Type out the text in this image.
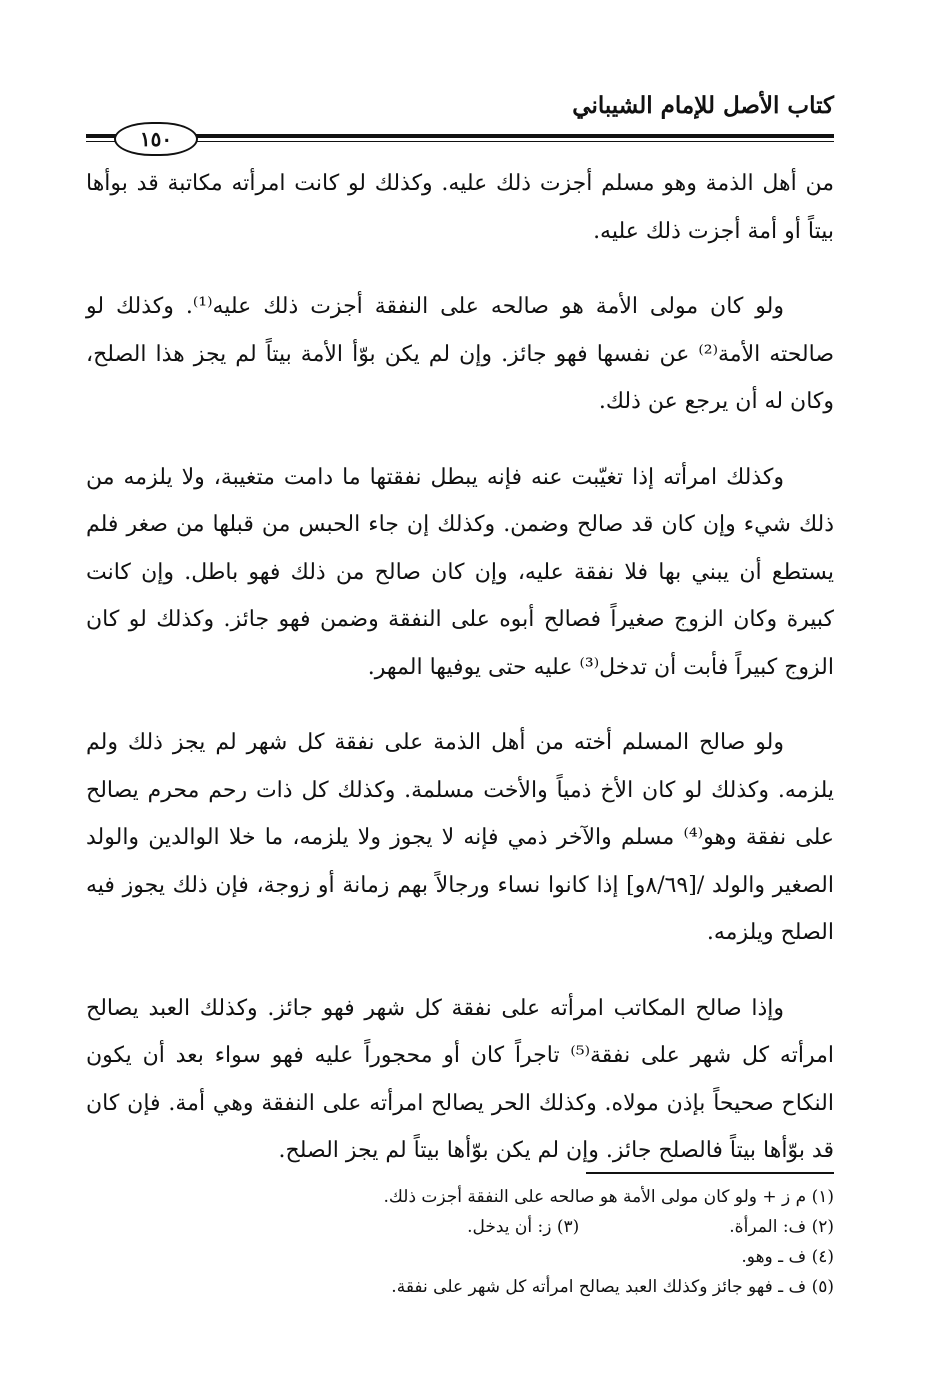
كتاب الأصل للإمام الشيباني
١٥٠

من أهل الذمة وهو مسلم أجزت ذلك عليه. وكذلك لو كانت امرأته مكاتبة قد بوأها بيتاً أو أمة أجزت ذلك عليه.

ولو كان مولى الأمة هو صالحه على النفقة أجزت ذلك عليه⁽¹⁾. وكذلك لو صالحته الأمة⁽²⁾ عن نفسها فهو جائز. وإن لم يكن بوّأ الأمة بيتاً لم يجز هذا الصلح، وكان له أن يرجع عن ذلك.

وكذلك امرأته إذا تغيّبت عنه فإنه يبطل نفقتها ما دامت متغيبة، ولا يلزمه من ذلك شيء وإن كان قد صالح وضمن. وكذلك إن جاء الحبس من قبلها من صغر فلم يستطع أن يبني بها فلا نفقة عليه، وإن كان صالح من ذلك فهو باطل. وإن كانت كبيرة وكان الزوج صغيراً فصالح أبوه على النفقة وضمن فهو جائز. وكذلك لو كان الزوج كبيراً فأبت أن تدخل⁽³⁾ عليه حتى يوفيها المهر.

ولو صالح المسلم أخته من أهل الذمة على نفقة كل شهر لم يجز ذلك ولم يلزمه. وكذلك لو كان الأخ ذمياً والأخت مسلمة. وكذلك كل ذات رحم محرم يصالح على نفقة وهو⁽⁴⁾ مسلم والآخر ذمي فإنه لا يجوز ولا يلزمه، ما خلا الوالدين والولد الصغير والولد /[٨/٦٩و] إذا كانوا نساء ورجالاً بهم زمانة أو زوجة، فإن ذلك يجوز فيه الصلح ويلزمه.

وإذا صالح المكاتب امرأته على نفقة كل شهر فهو جائز. وكذلك العبد يصالح امرأته كل شهر على نفقة⁽⁵⁾ تاجراً كان أو محجوراً عليه فهو سواء بعد أن يكون النكاح صحيحاً بإذن مولاه. وكذلك الحر يصالح امرأته على النفقة وهي أمة. فإن كان قد بوّأها بيتاً فالصلح جائز. وإن لم يكن بوّأها بيتاً لم يجز الصلح.

(١) م ز + ولو كان مولى الأمة هو صالحه على النفقة أجزت ذلك.
(٢) ف: المرأة.
(٣) ز: أن يدخل.
(٤) ف ـ وهو.
(٥) ف ـ فهو جائز وكذلك العبد يصالح امرأته كل شهر على نفقة.
